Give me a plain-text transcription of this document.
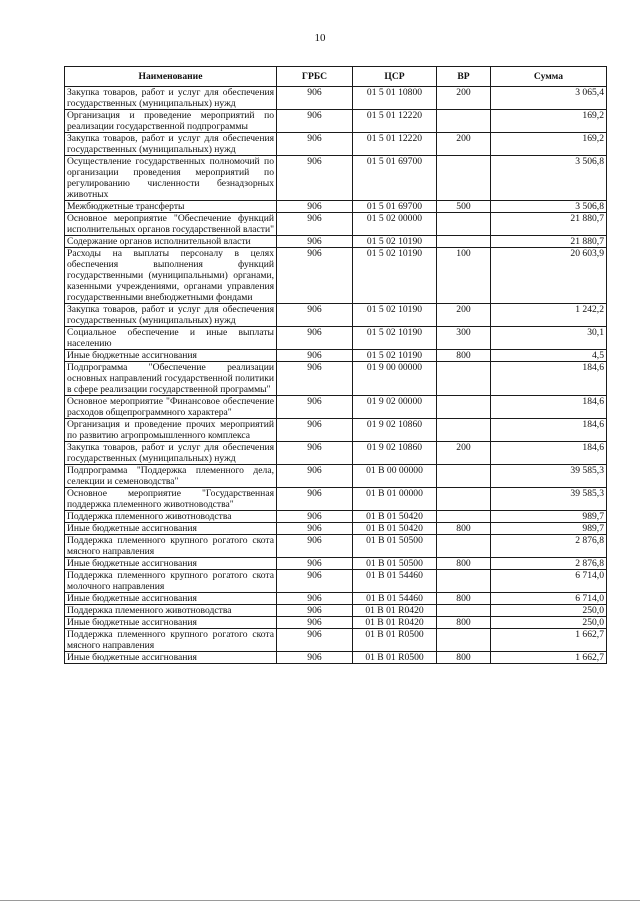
10
Наименование	ГРБС	ЦСР	ВР	Сумма
Закупка товаров, работ и услуг для обеспечения государственных (муниципальных) нужд	906	01 5 01 10800	200	3 065,4
Организация и проведение мероприятий по реализации государственной подпрограммы	906	01 5 01 12220		169,2
Закупка товаров, работ и услуг для обеспечения государственных (муниципальных) нужд	906	01 5 01 12220	200	169,2
Осуществление государственных полномочий по организации проведения мероприятий по регулированию численности безнадзорных животных	906	01 5 01 69700		3 506,8
Межбюджетные трансферты	906	01 5 01 69700	500	3 506,8
Основное мероприятие "Обеспечение функций исполнительных органов государственной власти"	906	01 5 02 00000		21 880,7
Содержание органов исполнительной власти	906	01 5 02 10190		21 880,7
Расходы на выплаты персоналу в целях обеспечения выполнения функций государственными (муниципальными) органами, казенными учреждениями, органами управления государственными внебюджетными фондами	906	01 5 02 10190	100	20 603,9
Закупка товаров, работ и услуг для обеспечения государственных (муниципальных) нужд	906	01 5 02 10190	200	1 242,2
Социальное обеспечение и иные выплаты населению	906	01 5 02 10190	300	30,1
Иные бюджетные ассигнования	906	01 5 02 10190	800	4,5
Подпрограмма "Обеспечение реализации основных направлений государственной политики в сфере реализации государственной программы"	906	01 9 00 00000		184,6
Основное мероприятие "Финансовое обеспечение расходов общепрограммного характера"	906	01 9 02 00000		184,6
Организация и проведение прочих мероприятий по развитию агропромышленного комплекса	906	01 9 02 10860		184,6
Закупка товаров, работ и услуг для обеспечения государственных (муниципальных) нужд	906	01 9 02 10860	200	184,6
Подпрограмма "Поддержка племенного дела, селекции и семеноводства"	906	01 B 00 00000		39 585,3
Основное мероприятие "Государственная поддержка племенного животноводства"	906	01 B 01 00000		39 585,3
Поддержка племенного животноводства	906	01 B 01 50420		989,7
Иные бюджетные ассигнования	906	01 B 01 50420	800	989,7
Поддержка племенного крупного рогатого скота мясного направления	906	01 B 01 50500		2 876,8
Иные бюджетные ассигнования	906	01 B 01 50500	800	2 876,8
Поддержка племенного крупного рогатого скота молочного направления	906	01 B 01 54460		6 714,0
Иные бюджетные ассигнования	906	01 B 01 54460	800	6 714,0
Поддержка племенного животноводства	906	01 B 01 R0420		250,0
Иные бюджетные ассигнования	906	01 B 01 R0420	800	250,0
Поддержка племенного крупного рогатого скота мясного направления	906	01 B 01 R0500		1 662,7
Иные бюджетные ассигнования	906	01 B 01 R0500	800	1 662,7
